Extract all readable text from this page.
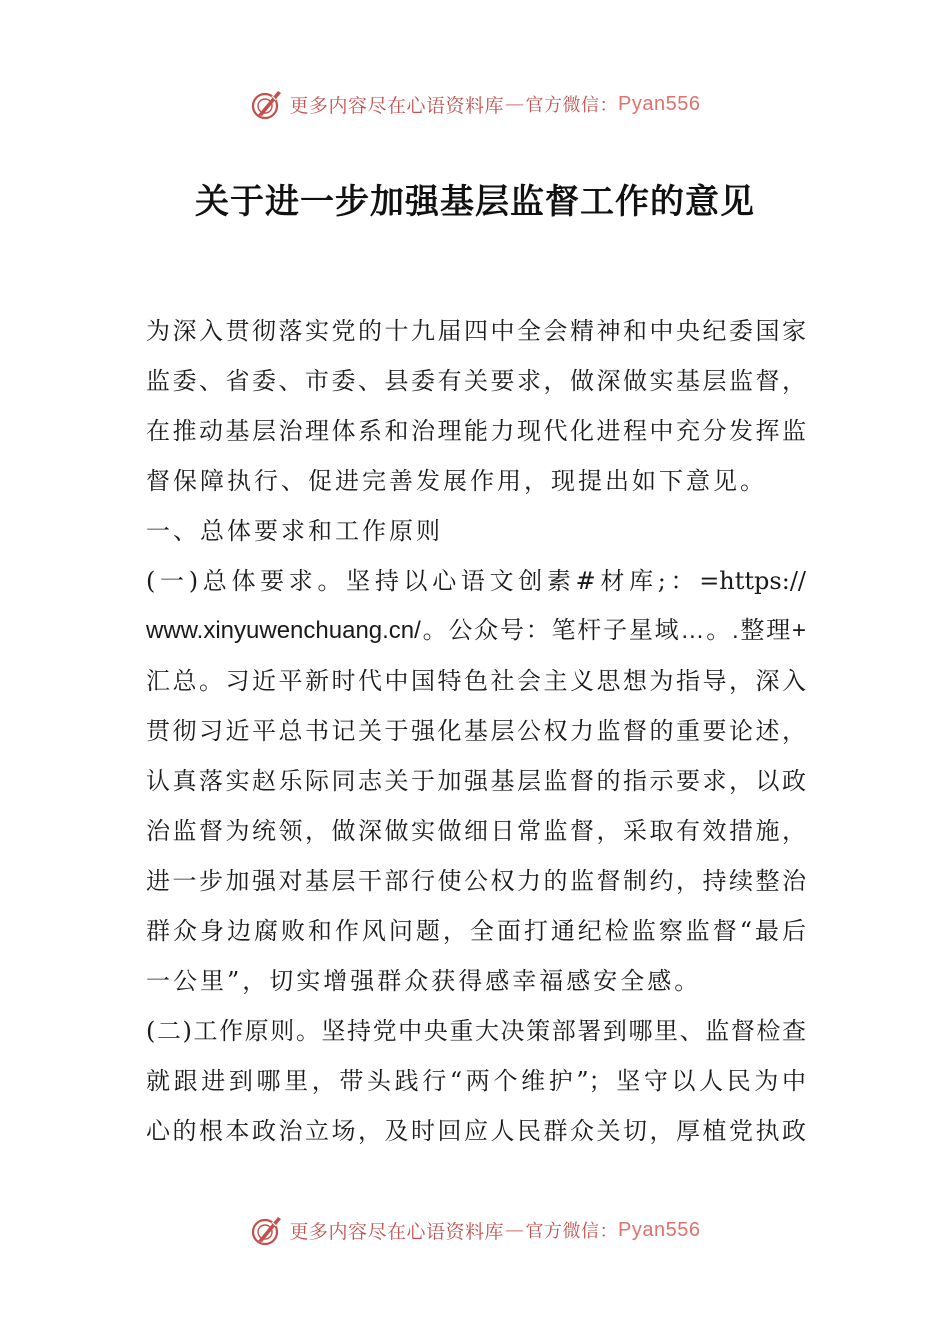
更多内容尽在心语资料库 — 官方微信： Pyan556
关于进一步加强基层监督工作的意见
为深入贯彻落实党的十九届四中全会精神和中央纪委国家
监委、省委、市委、县委有关要求，做深做实基层监督，
在推动基层治理体系和治理能力现代化进程中充分发挥监
督保障执行、促进完善发展作用，现提出如下意见。
一、总体要求和工作原则
(一)总体要求。坚持以心语文创素#材库;：=https://
www.xinyuwenchuang.cn/。公众号：笔杆子星域…。.整理+
汇总。习近平新时代中国特色社会主义思想为指导，深入
贯彻习近平总书记关于强化基层公权力监督的重要论述，
认真落实赵乐际同志关于加强基层监督的指示要求，以政
治监督为统领，做深做实做细日常监督，采取有效措施，
进一步加强对基层干部行使公权力的监督制约，持续整治
群众身边腐败和作风问题，全面打通纪检监察监督“最后
一公里”，切实增强群众获得感幸福感安全感。
(二)工作原则。坚持党中央重大决策部署到哪里、监督检查
就跟进到哪里，带头践行“两个维护”；坚守以人民为中
心的根本政治立场，及时回应人民群众关切，厚植党执政
更多内容尽在心语资料库 — 官方微信： Pyan556
